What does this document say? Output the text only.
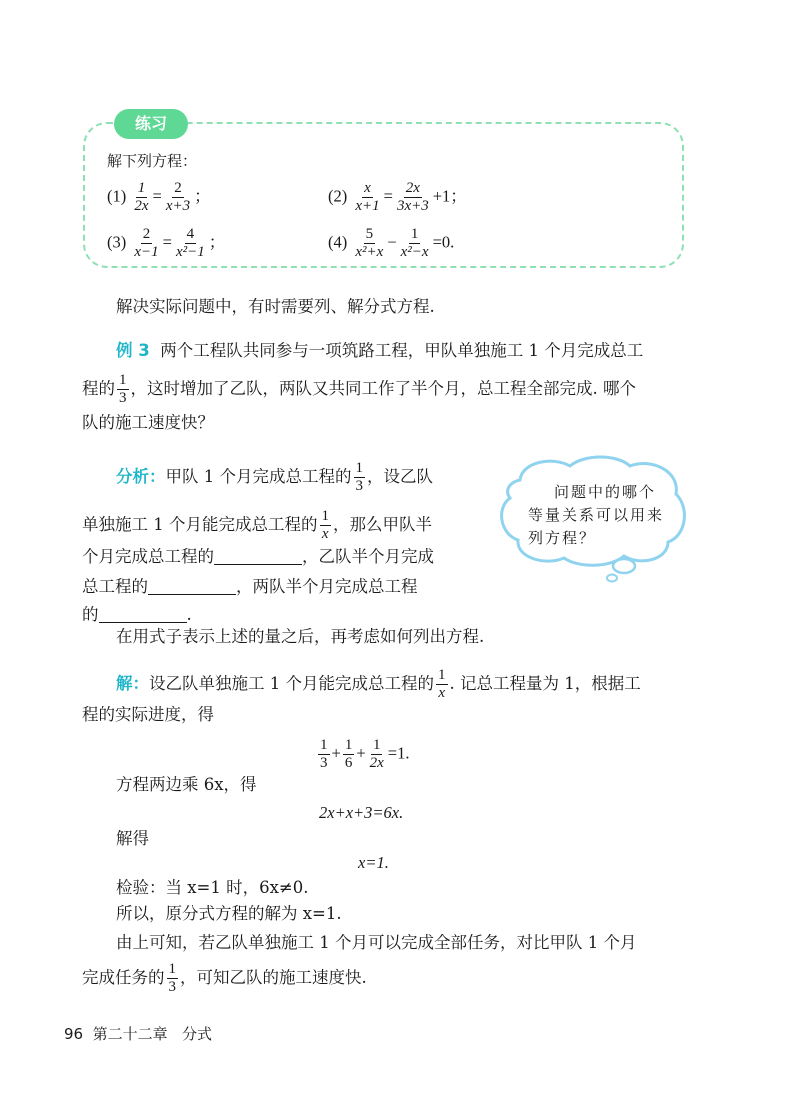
练习
解下列方程：
$(1) \frac{1}{2x} = \frac{2}{x+3}$ ；	$(2) \frac{x}{x+1} = \frac{2x}{3x+3} +1$；
$(3) \frac{2}{x-1} = \frac{4}{\text{x²−1}}$ ；	$(4) \frac{5}{\text{x²+x}} - \frac{1}{\text{x²−x}} =0$.
解决实际问题中，有时需要列、解分式方程.
例 3 两个工程队共同参与一项筑路工程，甲队单独施工 1 个月完成总工
程的 $\frac{1}{3}$ ，这时增加了乙队，两队又共同工作了半个月，总工程全部完成. 哪个
队的施工速度快？
分析：甲队 1 个月完成总工程的 $\frac{1}{3}$ ，设乙队
单独施工 1 个月能完成总工程的 $\frac{1}{x}$ ，那么甲队半
个月完成总工程的	，乙队半个月完成
总工程的	，两队半个月完成总工程
的	.
问题中的哪个
等量关系可以用来
列方程？
在用式子表示上述的量之后，再考虑如何列出方程.
解：设乙队单独施工 1 个月能完成总工程的 $\frac{1}{x}$ . 记总工程量为 1，根据工
程的实际进度，得
$\frac{1}{3} + \frac{1}{6} + \frac{1}{2x} =1$.
方程两边乘 6x，得
2x+x+3=6x.
解得
x=1.
检验：当 x=1 时，6x≠0.
所以，原分式方程的解为 x=1.
由上可知，若乙队单独施工 1 个月可以完成全部任务，对比甲队 1 个月
完成任务的 $\frac{1}{3}$ ，可知乙队的施工速度快.
96 第二十二章 分式
